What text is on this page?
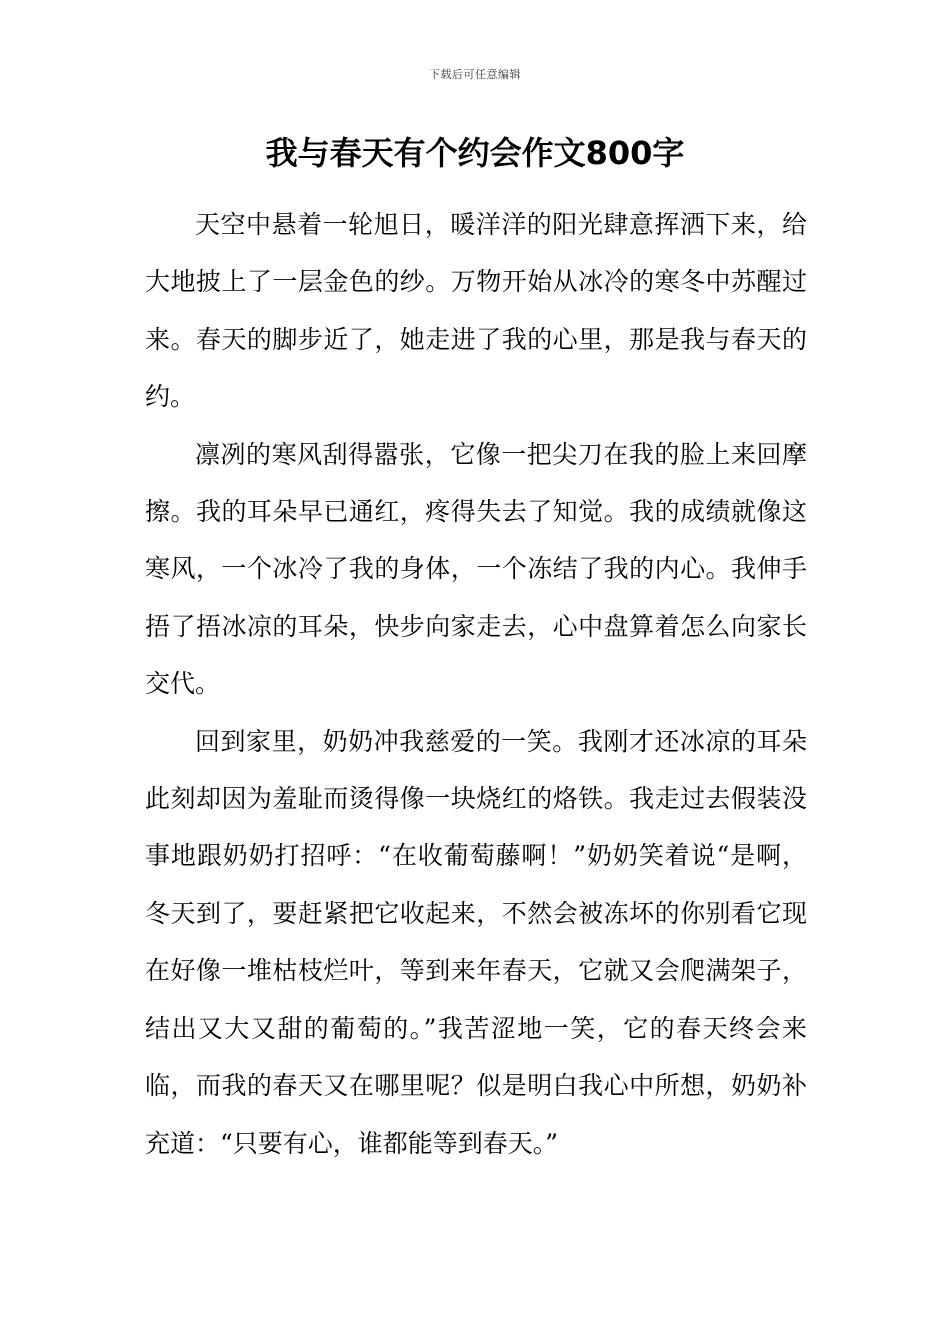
下载后可任意编辑
我与春天有个约会作文800字

天空中悬着一轮旭日，暖洋洋的阳光肆意挥洒下来，给大地披上了一层金色的纱。万物开始从冰冷的寒冬中苏醒过来。春天的脚步近了，她走进了我的心里，那是我与春天的约。

凛冽的寒风刮得嚣张，它像一把尖刀在我的脸上来回摩擦。我的耳朵早已通红，疼得失去了知觉。我的成绩就像这寒风，一个冰冷了我的身体，一个冻结了我的内心。我伸手捂了捂冰凉的耳朵，快步向家走去，心中盘算着怎么向家长交代。

回到家里，奶奶冲我慈爱的一笑。我刚才还冰凉的耳朵此刻却因为羞耻而烫得像一块烧红的烙铁。我走过去假装没事地跟奶奶打招呼：“在收葡萄藤啊！”奶奶笑着说“是啊，冬天到了，要赶紧把它收起来，不然会被冻坏的你别看它现在好像一堆枯枝烂叶，等到来年春天，它就又会爬满架子，结出又大又甜的葡萄的。”我苦涩地一笑，它的春天终会来临，而我的春天又在哪里呢？似是明白我心中所想，奶奶补充道：“只要有心，谁都能等到春天。”
